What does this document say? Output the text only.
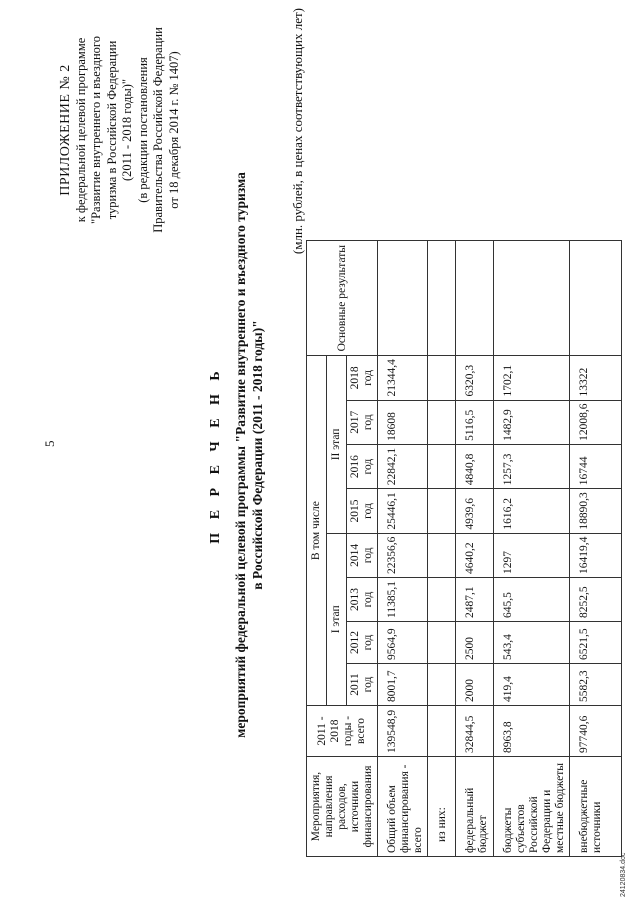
5
ПРИЛОЖЕНИЕ № 2 к федеральной целевой программе "Развитие внутреннего и въездного туризма в Российской Федерации (2011 - 2018 годы)" (в редакции постановления Правительства Российской Федерации от 18 декабря 2014 г. № 1407)
П Е Р Е Ч Е Н Ь мероприятий федеральной целевой программы "Развитие внутреннего и въездного туризма в Российской Федерации (2011 - 2018 годы)"
(млн. рублей, в ценах соответствующих лет)
Мероприятия, направления расходов, источники финансирования	2011 - 2018 годы - всего	В том числе								Основные результаты
		I этап				II этап				
		2011 год	2012 год	2013 год	2014 год	2015 год	2016 год	2017 год	2018 год	
Общий объем финансирования - всего	139548,9	8001,7	9564,9	11385,1	22356,6	25446,1	22842,1	18608	21344,4	
из них:										
федеральный бюджет	32844,5	2000	2500	2487,1	4640,2	4939,6	4840,8	5116,5	6320,3	
бюджеты субъектов Российской Федерации и местные бюджеты	8963,8	419,4	543,4	645,5	1297	1616,2	1257,3	1482,9	1702,1	
внебюджетные источники	97740,6	5582,3	6521,5	8252,5	16419,4	18890,3	16744	12008,6	13322	
24120834.doc
